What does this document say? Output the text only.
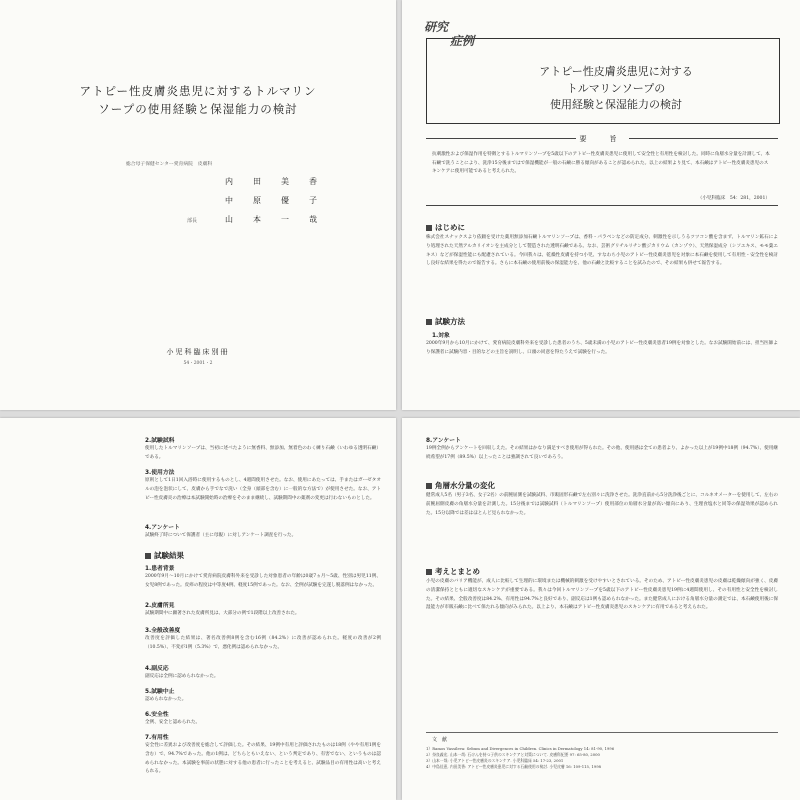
アトピー性皮膚炎患児に対するトルマリン
ソープの使用経験と保湿能力の検討
総合母子保健センター愛育病院　皮膚科
内　田　美　香
中　原　優　子
部長	山　本　一　哉
小児科臨床別冊
54・2001・2
研究
症例
アトピー性皮膚炎患児に対する
トルマリンソープの
使用経験と保湿能力の検討
要　旨
抗刺激性および保湿作用を特徴とするトルマリンソープを5歳以下のアトピー性皮膚炎患児に使用して安全性と有用性を検討した。同時に角層水分量を計測して、本石鹸で洗うことにより、洗浄15分後まではで保湿機能が一般の石鹸に勝る傾向があることが認められた。以上の結果より見て、本石鹸はアトピー性皮膚炎患児のスキンケアに使用可能であると考えられた。
（小児科臨床　54：281，2001）
はじめに
株式会社スナックスより依頼を受けた薬用無添加石鹸トルマリンソープは、香料・パラベンなどの防定成分、刺激性を示しうるツツコン酸を含まず、トルマリン鉱石により処理された天然アルカリイオンを主成分として製造された透明石鹸である。なお、芸術グリチルリチン酸ジカリウム（カンゾウ）、天然保湿成分（シソエキス、モモ葉エキス）などが保湿性能にも配慮されている。今回我々は、乾燥性皮膚を持つ小児、すなわち小児のアトピー性皮膚炎患児を対象に本石鹸を使用して有用性・安全性を検討し良好な結果を得たので報告する。さらに本石鹸の使用前後の保湿能力を、他の石鹸と比較することを試みたので、その結果も併せて報告する。
試験方法
1.対象
2000年9月から10月にかけて、愛育病院皮膚科外来を受診した患者のうち、5歳未満の小児のアトピー性皮膚炎患者19例を対象とした。なお試験開始前には、担当医師より保護者に試験内容・目的などの主旨を説明し、口頭の同意を得たうえで試験を行った。
2.試験試料
使用したトルマリンソープは、当初に述べたように無香料、無添加、無着色のわく練り石鹸（いわゆる透明石鹸）である。
3.使用方法
原則として1日1回入浴時に使用するものとし、4週間使用させた。なお、使用にあたっては、手またはガーゼタオルの泡を泡状にして、皮膚から手でなで洗い（全身（頭部を含む）に一般的な方法で）が使用させた。なお、アトピー性皮膚炎の治療は本試験開始時の治療をそのまま継続し、試験期間中の薬剤の変更は行わないものとした。
4.アンケート
試験終了時について保護者（主に母親）に対しアンケート調査を行った。
試験結果
1.患者背景
2000年9月〜10月にかけて愛育病院皮膚科外来を受診した対象患者の年齢は0歳7ヵ月〜5歳、性別は男児11例、女児8例であった。皮疹の程度は中等度4例、軽度15例であった。なお、全例が試験を完遂し脱落例はなかった。
2.皮膚所見
試験期間中に顕著された皮膚所見は、大部分の例で1段階以上改善された。
3.全般改善度
改善度を評価した結果は、著名改善例8例を含む16例（84.2%）に改善が認められた。軽度の改善が2例（10.5%）、不変が1例（5.3%）で、悪化例は認められなかった。
4.副反応
副反応は全例に認められなかった。
5.試験中止
認められなかった。
6.安全性
全例、安全と認められた。
7.有用性
安全性に差異および改善度を総合して評価した。その結果、19例中有用と評価されたものは18例（やや有用1例を含む）で、94.7%であった。他の1例は、どちらともいえない、という判定であり、有害でない、というものは認められなかった。本試験を事前の状態に対する他の患者に行ったことを考えると、試験品目の有用性は高いと考えられる。
8.アンケート
19例全例からアンケートを回収しえた。その結果はかなり満足すべき使用が得られた。その他、使用感は全ての患者より、よかった以上が19例中18例（94.7%）、使用継続希望が17例（89.5%）以上ったことは強調されて良いであろう。
角層水分量の変化
健常成人5名（男子3名、女子2名）の前腕屈側を試験試料、市販固形石鹸で左右別々に洗浄させた。洗浄直前から5分洗浄後ごとに、コルネオメーターを使用して、左右の前腕屈側皮膚の角層水分量を計測した。15分後までは試験試料（トルマリンソープ）使用部位の角層水分量が高い傾向にあり、生理食塩水と同等の保湿効果が認められた。15分以降では差はほとんど見られなかった。
考えとまとめ
小児の皮膚のバリア機能が、成人に比較して生理的に環境または機械的刺激を受けやすいとされている。そのため、アトピー性皮膚炎患児の皮膚は乾燥傾向が強く、皮膚の清潔保持とともに適切なスキンケアが重要である。我々は今回トルマリンソープを5歳以下のアトピー性皮膚炎患児19例に4週間使用し、その有用性と安全性を検討した。その結果、全般改善度は84.2%、有用性は94.7%と良好であり、副反応は1例も認められなかった。また健常成人における角層水分量の測定では、本石鹸使用後に保湿能力が市販石鹸に比べて保たれる傾向がみられた。以上より、本石鹸はアトピー性皮膚炎患児のスキンケアに有用であると考えられた。
文　献
1）Ramos Vassileva: Sebum and Divergences in Children. Clinics in Dermatology 14: 81-90, 1996
2）奈良義宏, 山本一哉: 石けんを持つ子供のスキンケアと対策について. 皮膚科紀要 97: 65-80, 2000
3）山本一哉: 小児アトピー性皮膚炎のスキンケア. 小児科臨床 54: 17-23, 2001
4）中島佳恵, 内田美香: アトピー性皮膚炎患児に対する石鹸使用の検討. 小児皮膚 16: 109-115, 1998
